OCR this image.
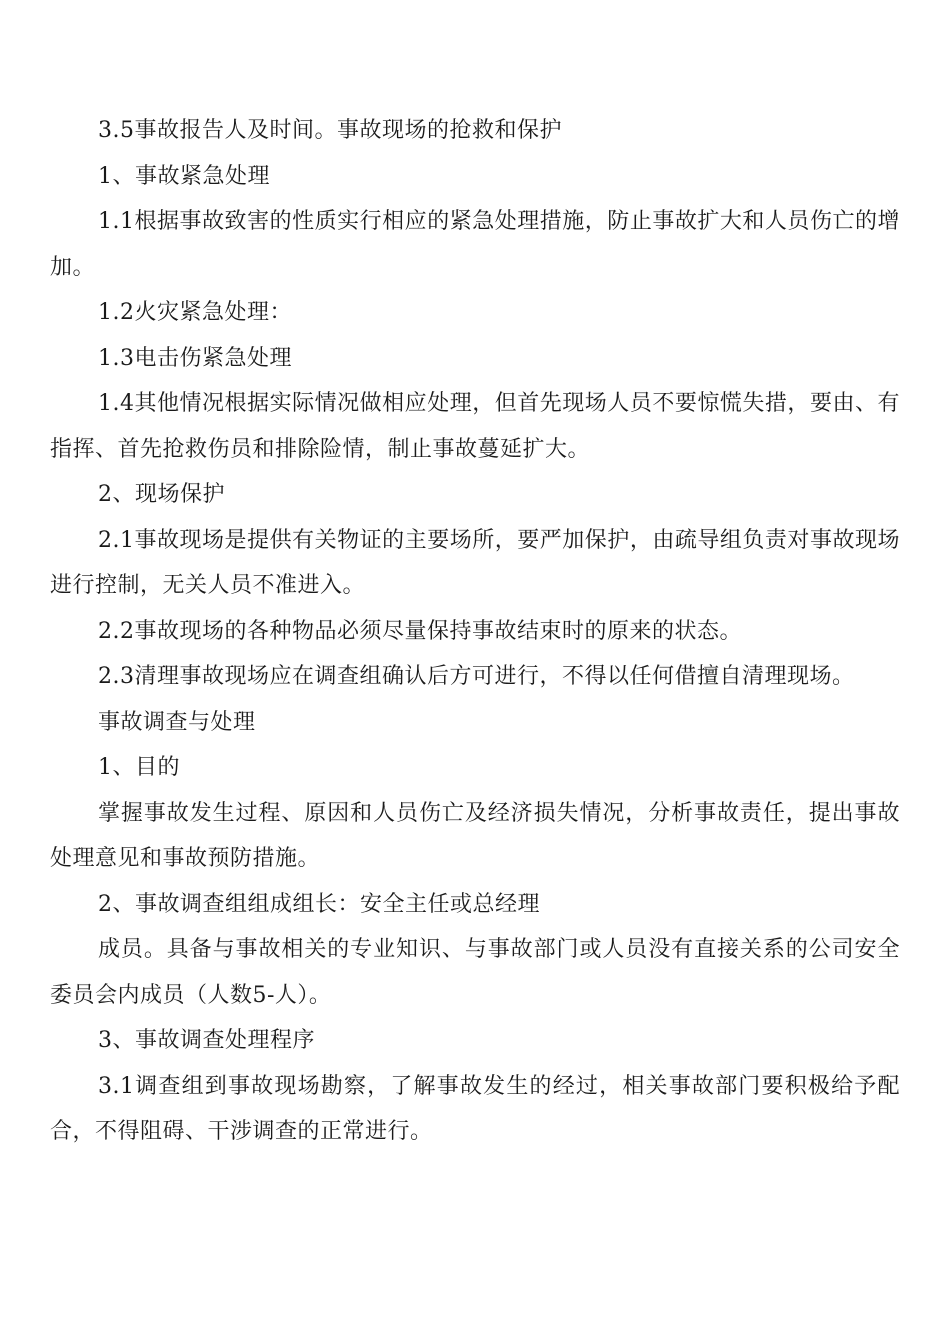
3.5事故报告人及时间。事故现场的抢救和保护

1、事故紧急处理

1.1根据事故致害的性质实行相应的紧急处理措施，防止事故扩大和人员伤亡的增加。

1.2火灾紧急处理：

1.3电击伤紧急处理

1.4其他情况根据实际情况做相应处理，但首先现场人员不要惊慌失措，要由、有指挥、首先抢救伤员和排除险情，制止事故蔓延扩大。

2、现场保护

2.1事故现场是提供有关物证的主要场所，要严加保护，由疏导组负责对事故现场进行控制，无关人员不准进入。

2.2事故现场的各种物品必须尽量保持事故结束时的原来的状态。

2.3清理事故现场应在调查组确认后方可进行，不得以任何借擅自清理现场。

事故调查与处理

1、目的

掌握事故发生过程、原因和人员伤亡及经济损失情况，分析事故责任，提出事故处理意见和事故预防措施。

2、事故调查组组成组长：安全主任或总经理

成员。具备与事故相关的专业知识、与事故部门或人员没有直接关系的公司安全委员会内成员（人数5-人）。

3、事故调查处理程序

3.1调查组到事故现场勘察，了解事故发生的经过，相关事故部门要积极给予配合，不得阻碍、干涉调查的正常进行。
